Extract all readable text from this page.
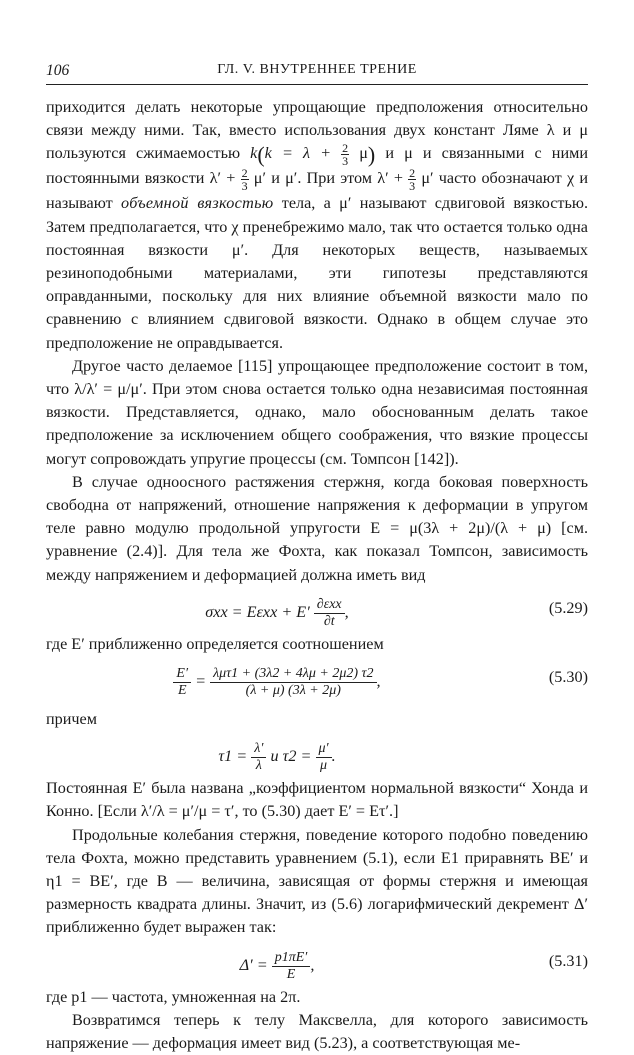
106	ГЛ. V. ВНУТРЕННЕЕ ТРЕНИЕ

приходится делать некоторые упрощающие предположения относительно связи между ними. Так, вместо использования двух констант Ляме λ и μ пользуются сжимаемостью $k(k = \lambda + \frac{2}{3} \mu)$ и μ и связанными с ними постоянными вязкости $\lambda' + \frac{2}{3} \mu'$ и μ′. При этом $\lambda' + \frac{2}{3} \mu'$ часто обозначают χ и называют объемной вязкостью тела, а μ′ называют сдвиговой вязкостью. Затем предполагается, что χ пренебрежимо мало, так что остается только одна постоянная вязкости μ′. Для некоторых веществ, называемых резиноподобными материалами, эти гипотезы представляются оправданными, поскольку для них влияние объемной вязкости мало по сравнению с влиянием сдвиговой вязкости. Однако в общем случае это предположение не оправдывается.

Другое часто делаемое [115] упрощающее предположение состоит в том, что λ/λ′ = μ/μ′. При этом снова остается только одна независимая постоянная вязкости. Представляется, однако, мало обоснованным делать такое предположение за исключением общего соображения, что вязкие процессы могут сопровождать упругие процессы (см. Томпсон [142]).

В случае одноосного растяжения стержня, когда боковая поверхность свободна от напряжений, отношение напряжения к деформации в упругом теле равно модулю продольной упругости E = μ(3λ + 2μ)/(λ + μ) [см. уравнение (2.4)]. Для тела же Фохта, как показал Томпсон, зависимость между напряжением и деформацией должна иметь вид

$\sigma xx = E\varepsilon xx + E' \frac{\text{∂εxx}}{\partial t}$ ,	(5.29)

где E′ приближенно определяется соотношением

$\frac{E'}{E} = \frac{\text{λμτ1 + (3λ2 + 4λμ + 2μ2) τ2}}{(\lambda + \mu) (3\lambda + 2\mu)}$ ,	(5.30)

причем

$\tau 1 = \frac{\lambda'}{\lambda}$ и $\tau 2 = \frac{\mu'}{\mu}$ .

Постоянная E′ была названа „коэффициентом нормальной вязкости“ Хонда и Конно. [Если λ′/λ = μ′/μ = τ′, то (5.30) дает E′ = Eτ′.]

Продольные колебания стержня, поведение которого подобно поведению тела Фохта, можно представить уравнением (5.1), если E1 приравнять BE′ и η1 = BE′, где B — величина, зависящая от формы стержня и имеющая размерность квадрата длины. Значит, из (5.6) логарифмический декремент Δ′ приближенно будет выражен так:

$\Delta' = \frac{p1\pi E'}{E}$ ,	(5.31)

где p1 — частота, умноженная на 2π.

Возвратимся теперь к телу Максвелла, для которого зависимость напряжение — деформация имеет вид (5.23), а соответствующая ме-
